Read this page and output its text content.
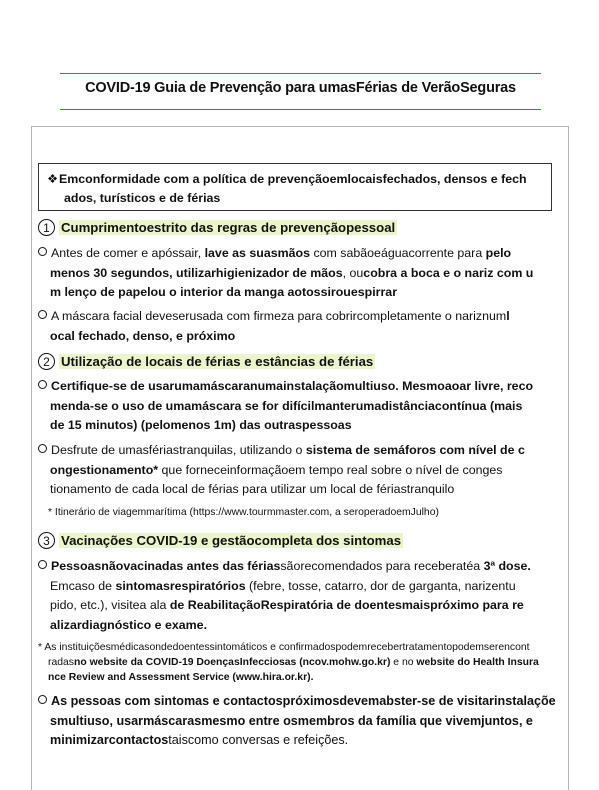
COVID-19 Guia de Prevenção para umasFérias de VerãoSeguras
❖Emconformidade com a política de prevençãoemlocaisfechados, densos e fech
ados, turísticos e de férias
1 Cumprimentoestrito das regras de prevençãopessoal
Antes de comer e apóssair, lave as suasmãos com sabãoeáguacorrente para pelo
menos 30 segundos, utilizarhigienizador de mãos, oucobra a boca e o nariz com u
m lenço de papelou o interior da manga aotossirouespirrar
A máscara facial deveserusada com firmeza para cobrircompletamente o nariznuml
ocal fechado, denso, e próximo
2 Utilização de locais de férias e estâncias de férias
Certifique-se de usarumamáscaranumainstalaçãomultiuso. Mesmoaoar livre, reco
menda-se o uso de umamáscara se for difícilmanterumadistânciacontínua (mais
de 15 minutos) (pelomenos 1m) das outraspessoas
Desfrute de umasfériastranquilas, utilizando o sistema de semáforos com nível de c
ongestionamento* que forneceinformaçãoem tempo real sobre o nível de conges
tionamento de cada local de férias para utilizar um local de fériastranquilo
* Itinerário de viagemmarítima (https://www.tourmmaster.com, a seroperadoemJulho)
3 Vacinações COVID-19 e gestãocompleta dos sintomas
Pessoasnãovacinadas antes das fériassãorecomendados para receberatéa 3ª dose.
Emcaso de sintomasrespiratórios (febre, tosse, catarro, dor de garganta, narizentu
pido, etc.), visitea ala de ReabilitaçãoRespiratória de doentesmaispróximo para re
alizardiagnóstico e exame.
* As instituiçõesmédicasondedoentessintomáticos e confirmadospodemrecebertratamentopodemserencont
radasno website da COVID-19 DoençasInfecciosas (ncov.mohw.go.kr) e no website do Health Insura
nce Review and Assessment Service (www.hira.or.kr).
As pessoas com sintomas e contactospróximosdevemabster-se de visitarinstalaçõe
smultiuso, usarmáscarasmesmo entre osmembros da família que vivemjuntos, e
minimizarcontactostaiscomo conversas e refeições.
